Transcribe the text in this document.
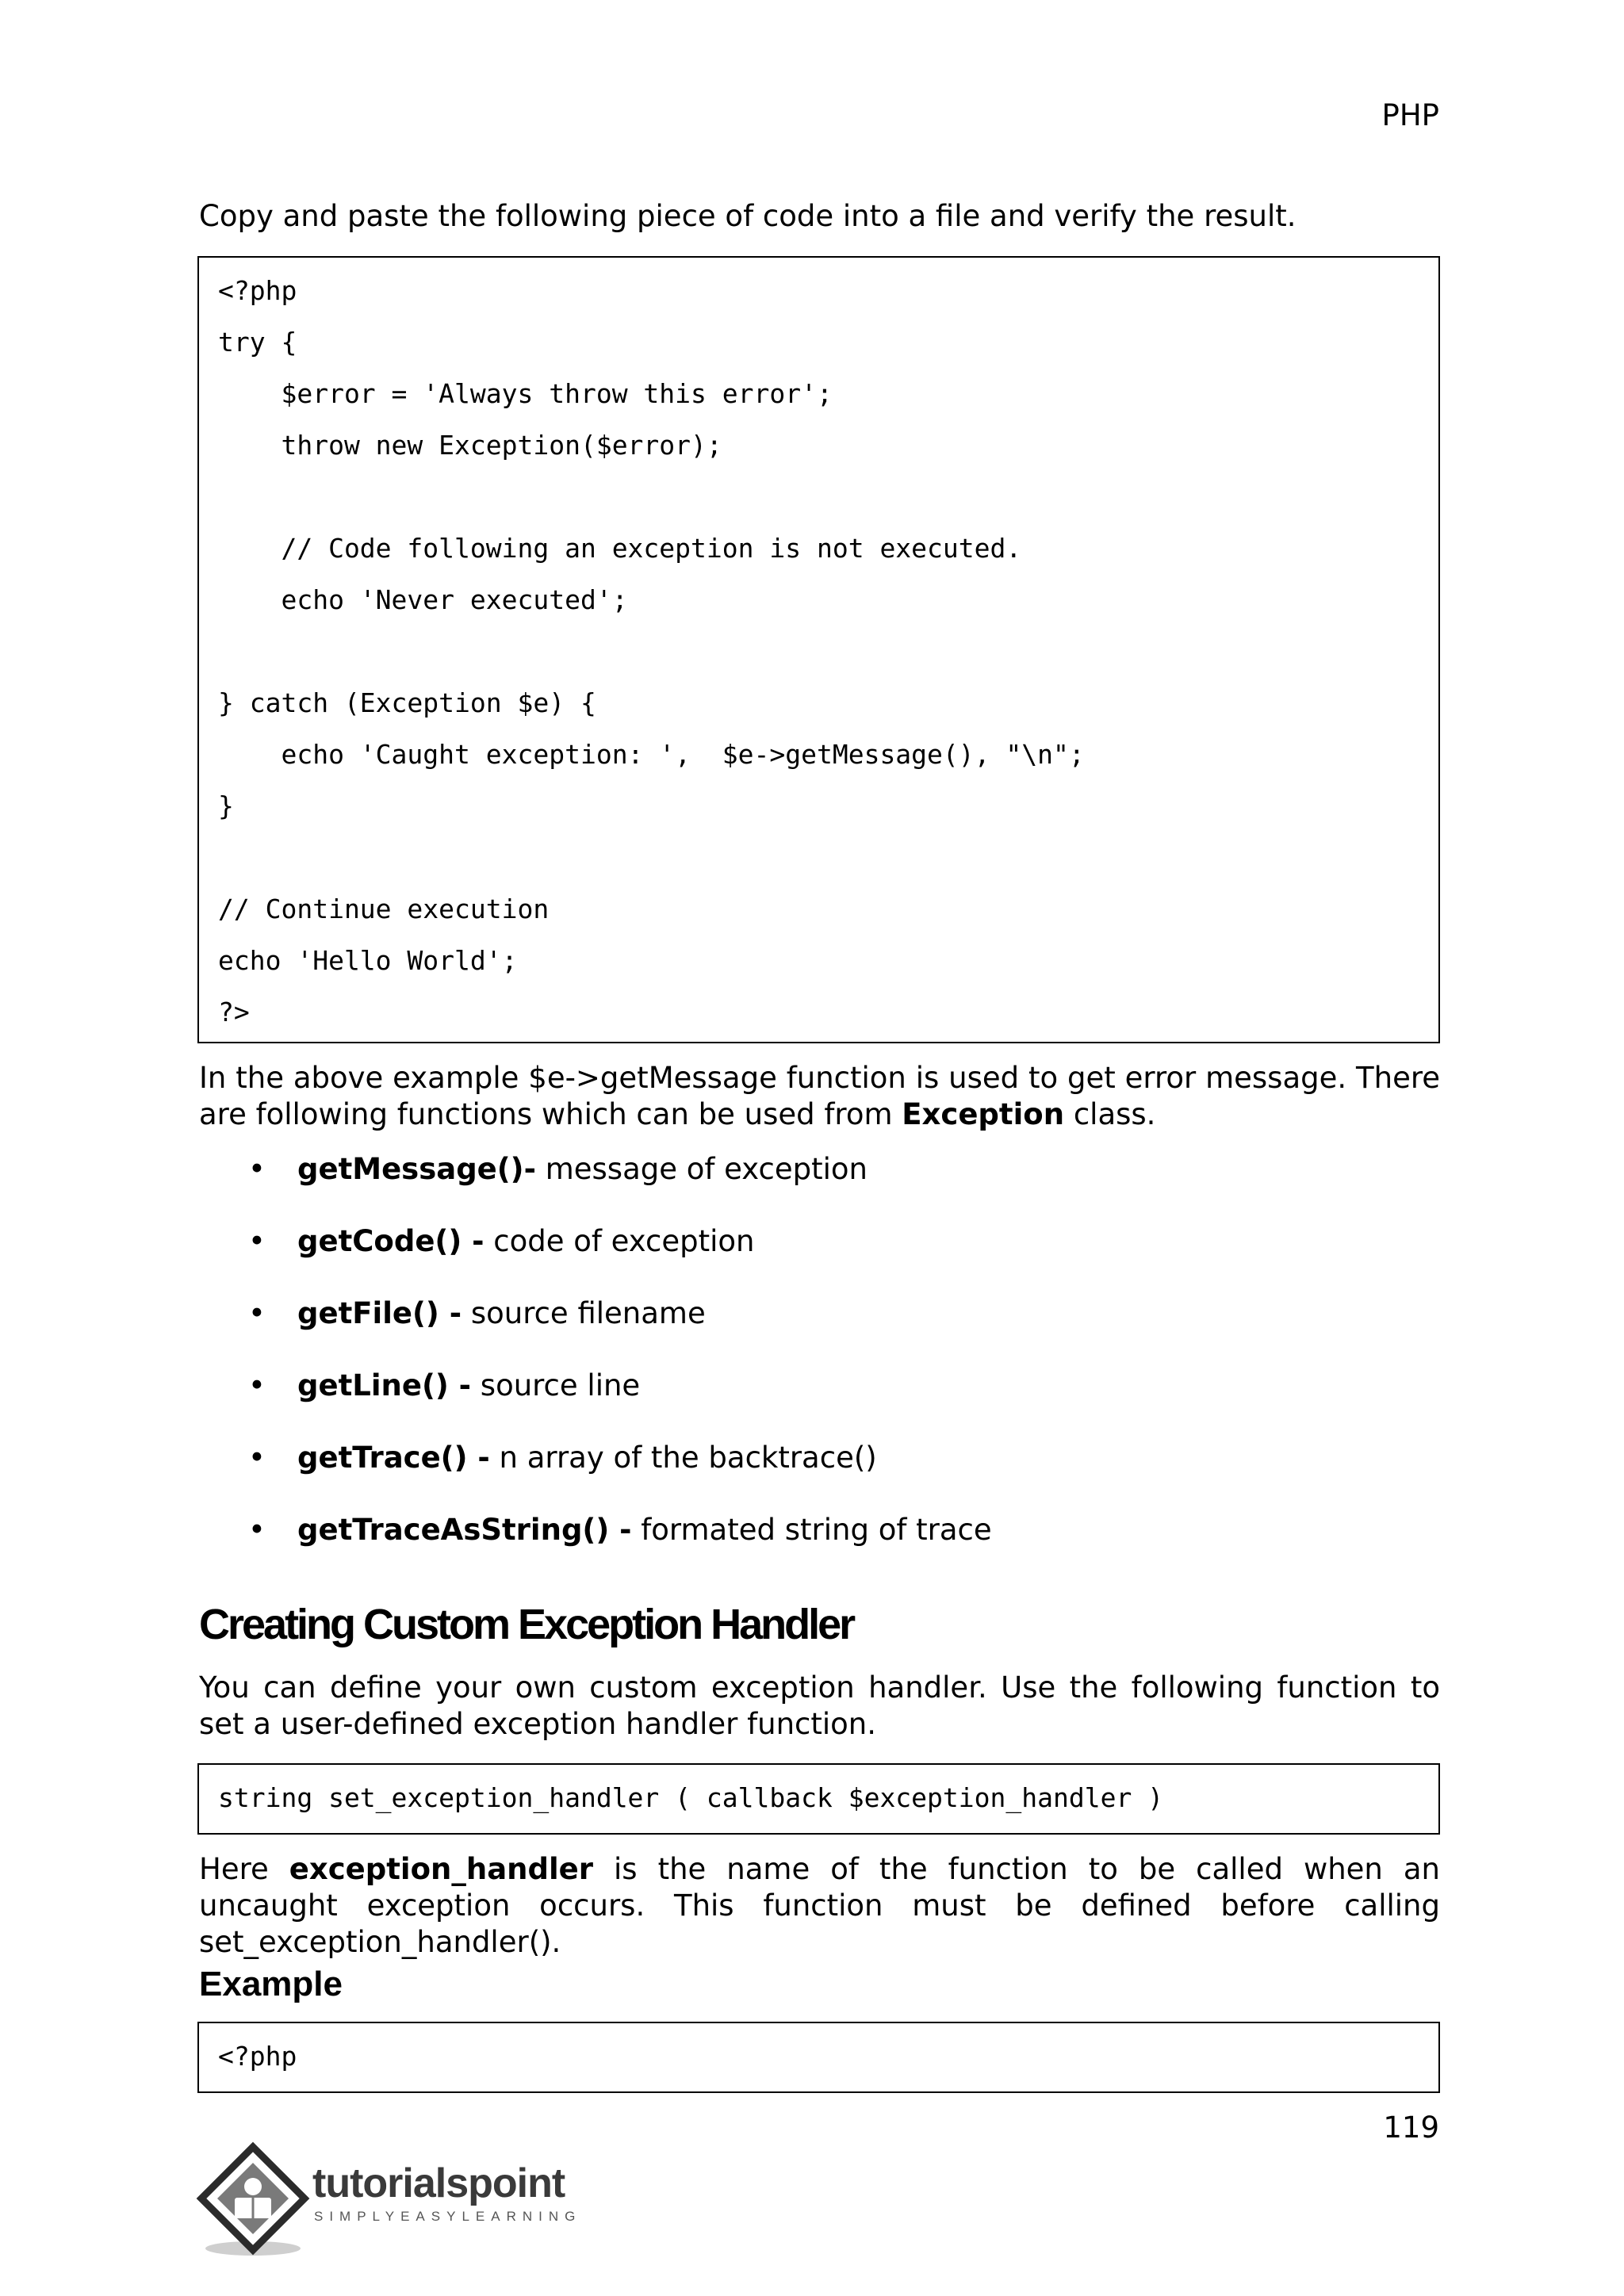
PHP

Copy and paste the following piece of code into a file and verify the result.

<?php
try {
$error = 'Always throw this error';
throw new Exception($error);
// Code following an exception is not executed.
echo 'Never executed';
} catch (Exception $e) {
echo 'Caught exception: ',  $e->getMessage(), "\n";
}
// Continue execution
echo 'Hello World';
?>

In the above example $e->getMessage function is used to get error message. There are following functions which can be used from Exception class.

• getMessage()- message of exception
• getCode() - code of exception
• getFile() - source filename
• getLine() - source line
• getTrace() - n array of the backtrace()
• getTraceAsString() - formated string of trace
Creating Custom Exception Handler

You can define your own custom exception handler. Use the following function to set a user-defined exception handler function.

string set_exception_handler ( callback $exception_handler )

Here exception_handler is the name of the function to be called when an uncaught exception occurs. This function must be defined before calling set_exception_handler().

Example
<?php
119
tutorialspoint
SIMPLYEASYLEARNING
